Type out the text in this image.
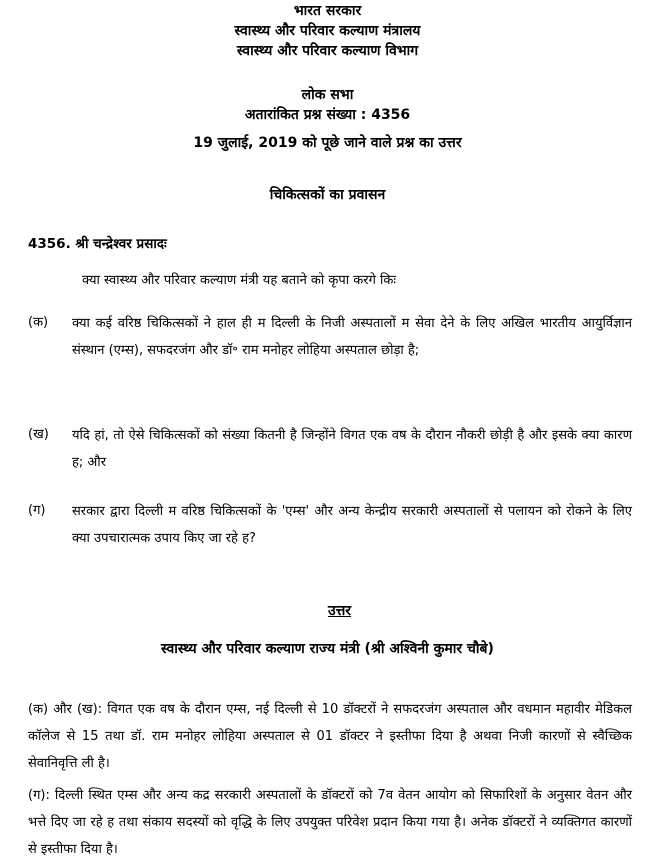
भारत सरकार
स्वास्थ्य और परिवार कल्याण मंत्रालय
स्वास्थ्य और परिवार कल्याण विभाग
लोक सभा
अतारांकित प्रश्न संख्या : 4356
19 जुलाई, 2019 को पूछे जाने वाले प्रश्न का उत्तर
चिकित्सकों का प्रवासन
4356. श्री चन्द्रेश्वर प्रसादः
क्या स्वास्थ्य और परिवार कल्याण मंत्री यह बताने को कृपा करगे किः
(क) क्या कई वरिष्ठ चिकित्सकों ने हाल ही म दिल्ली के निजी अस्पतालों म सेवा देने के लिए अखिल भारतीय आयुर्विज्ञान संस्थान (एम्स), सफदरजंग और डॉ॰ राम मनोहर लोहिया अस्पताल छोड़ा है;
(ख) यदि हां, तो ऐसे चिकित्सकों को संख्या कितनी है जिन्होंने विगत एक वष के दौरान नौकरी छोड़ी है और इसके क्या कारण ह; और
(ग) सरकार द्वारा दिल्ली म वरिष्ठ चिकित्सकों के 'एम्स' और अन्य केन्द्रीय सरकारी अस्पतालों से पलायन को रोकने के लिए क्या उपचारात्मक उपाय किए जा रहे ह?
उत्तर
स्वास्थ्य और परिवार कल्याण राज्य मंत्री (श्री अश्विनी कुमार चौबे)
(क) और (ख): विगत एक वष के दौरान एम्स, नई दिल्ली से 10 डॉक्टरों ने सफदरजंग अस्पताल और वधमान महावीर मेडिकल कॉलेज से 15 तथा डॉ. राम मनोहर लोहिया अस्पताल से 01 डॉक्टर ने इस्तीफा दिया है अथवा निजी कारणों से स्वैच्छिक सेवानिवृत्ति ली है।
(ग): दिल्ली स्थित एम्स और अन्य कद्र सरकारी अस्पतालों के डॉक्टरों को 7व वेतन आयोग को सिफारिशों के अनुसार वेतन और भत्ते दिए जा रहे ह तथा संकाय सदस्यों को वृद्धि के लिए उपयुक्त परिवेश प्रदान किया गया है। अनेक डॉक्टरों ने व्यक्तिगत कारणों से इस्तीफा दिया है।
